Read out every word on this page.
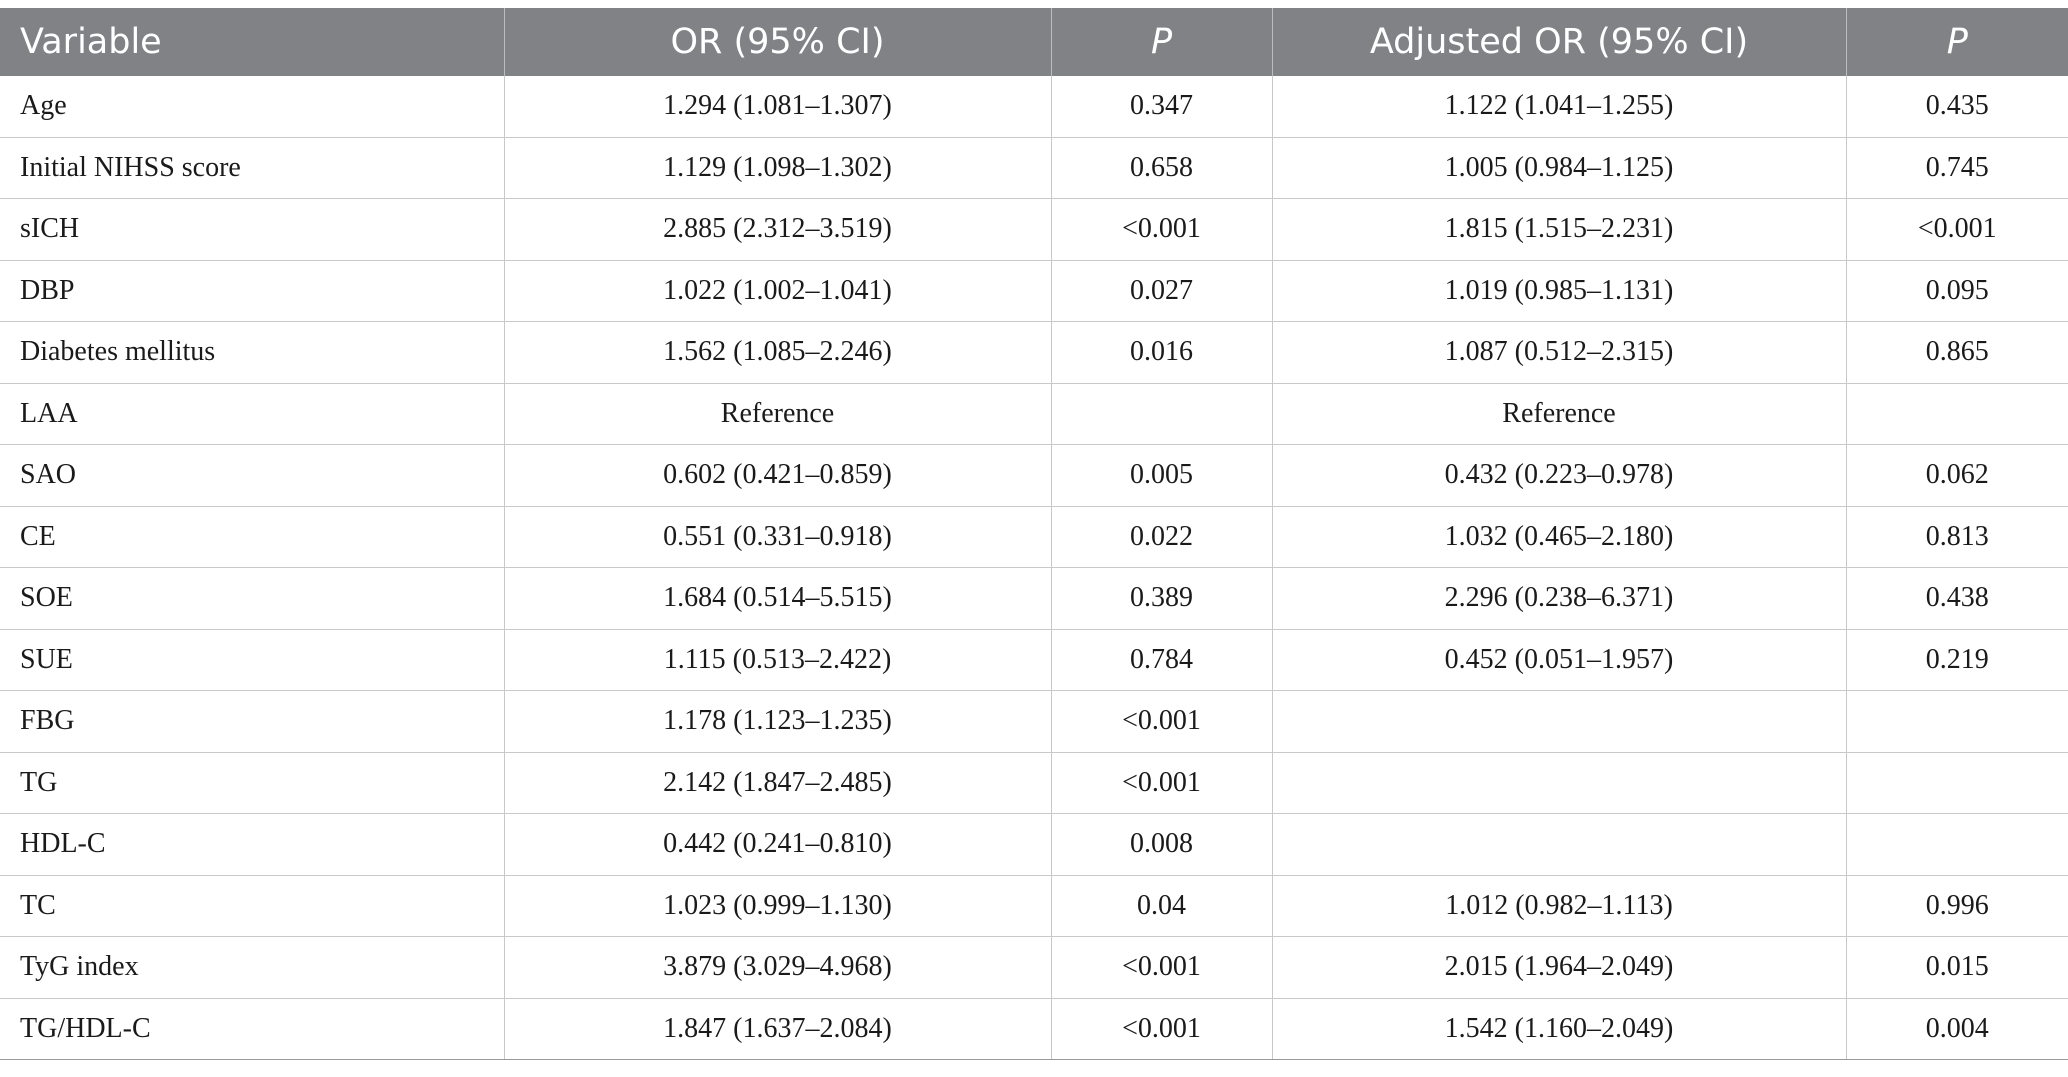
Variable	OR (95% CI)	P	Adjusted OR (95% CI)	P
Age	1.294 (1.081–1.307)	0.347	1.122 (1.041–1.255)	0.435
Initial NIHSS score	1.129 (1.098–1.302)	0.658	1.005 (0.984–1.125)	0.745
sICH	2.885 (2.312–3.519)	<0.001	1.815 (1.515–2.231)	<0.001
DBP	1.022 (1.002–1.041)	0.027	1.019 (0.985–1.131)	0.095
Diabetes mellitus	1.562 (1.085–2.246)	0.016	1.087 (0.512–2.315)	0.865
LAA	Reference		Reference	
SAO	0.602 (0.421–0.859)	0.005	0.432 (0.223–0.978)	0.062
CE	0.551 (0.331–0.918)	0.022	1.032 (0.465–2.180)	0.813
SOE	1.684 (0.514–5.515)	0.389	2.296 (0.238–6.371)	0.438
SUE	1.115 (0.513–2.422)	0.784	0.452 (0.051–1.957)	0.219
FBG	1.178 (1.123–1.235)	<0.001		
TG	2.142 (1.847–2.485)	<0.001		
HDL-C	0.442 (0.241–0.810)	0.008		
TC	1.023 (0.999–1.130)	0.04	1.012 (0.982–1.113)	0.996
TyG index	3.879 (3.029–4.968)	<0.001	2.015 (1.964–2.049)	0.015
TG/HDL-C	1.847 (1.637–2.084)	<0.001	1.542 (1.160–2.049)	0.004
